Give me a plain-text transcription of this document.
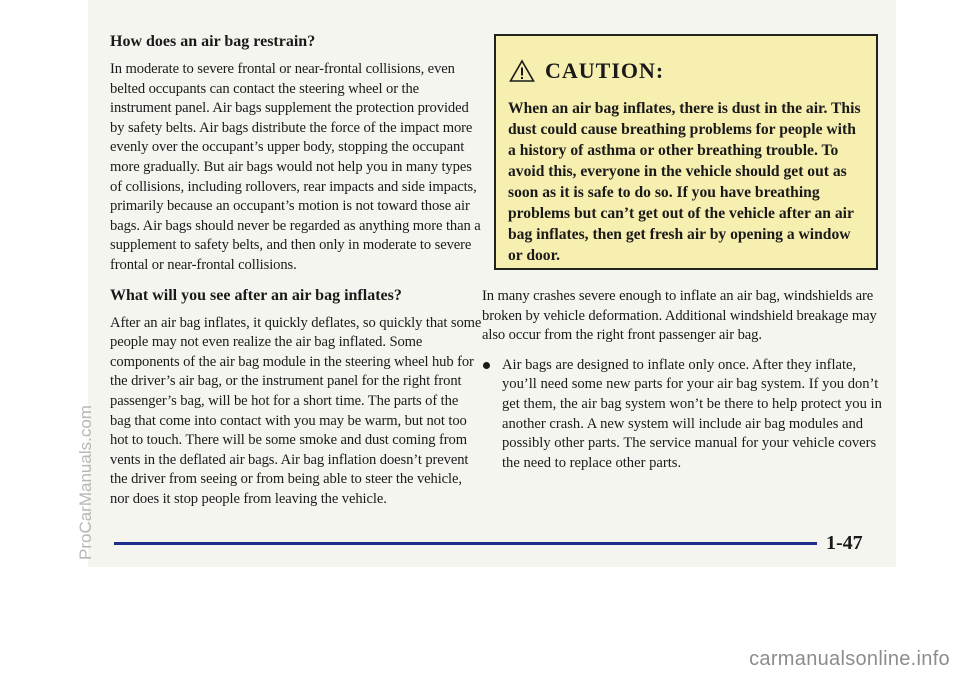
How does an air bag restrain?

In moderate to severe frontal or near-frontal collisions, even belted occupants can contact the steering wheel or the instrument panel. Air bags supplement the protection provided by safety belts. Air bags distribute the force of the impact more evenly over the occupant’s upper body, stopping the occupant more gradually. But air bags would not help you in many types of collisions, including rollovers, rear impacts and side impacts, primarily because an occupant’s motion is not toward those air bags. Air bags should never be regarded as anything more than a supplement to safety belts, and then only in moderate to severe frontal or near-frontal collisions.

What will you see after an air bag inflates?

After an air bag inflates, it quickly deflates, so quickly that some people may not even realize the air bag inflated. Some components of the air bag module in the steering wheel hub for the driver’s air bag, or the instrument panel for the right front passenger’s bag, will be hot for a short time. The parts of the bag that come into contact with you may be warm, but not too hot to touch. There will be some smoke and dust coming from vents in the deflated air bags. Air bag inflation doesn’t prevent the driver from seeing or from being able to steer the vehicle, nor does it stop people from leaving the vehicle.

CAUTION:
When an air bag inflates, there is dust in the air. This dust could cause breathing problems for people with a history of asthma or other breathing trouble. To avoid this, everyone in the vehicle should get out as soon as it is safe to do so. If you have breathing problems but can’t get out of the vehicle after an air bag inflates, then get fresh air by opening a window or door.

In many crashes severe enough to inflate an air bag, windshields are broken by vehicle deformation. Additional windshield breakage may also occur from the right front passenger air bag.

Air bags are designed to inflate only once. After they inflate, you’ll need some new parts for your air bag system. If you don’t get them, the air bag system won’t be there to help protect you in another crash. A new system will include air bag modules and possibly other parts. The service manual for your vehicle covers the need to replace other parts.
1-47
ProCarManuals.com
carmanualsonline.info
